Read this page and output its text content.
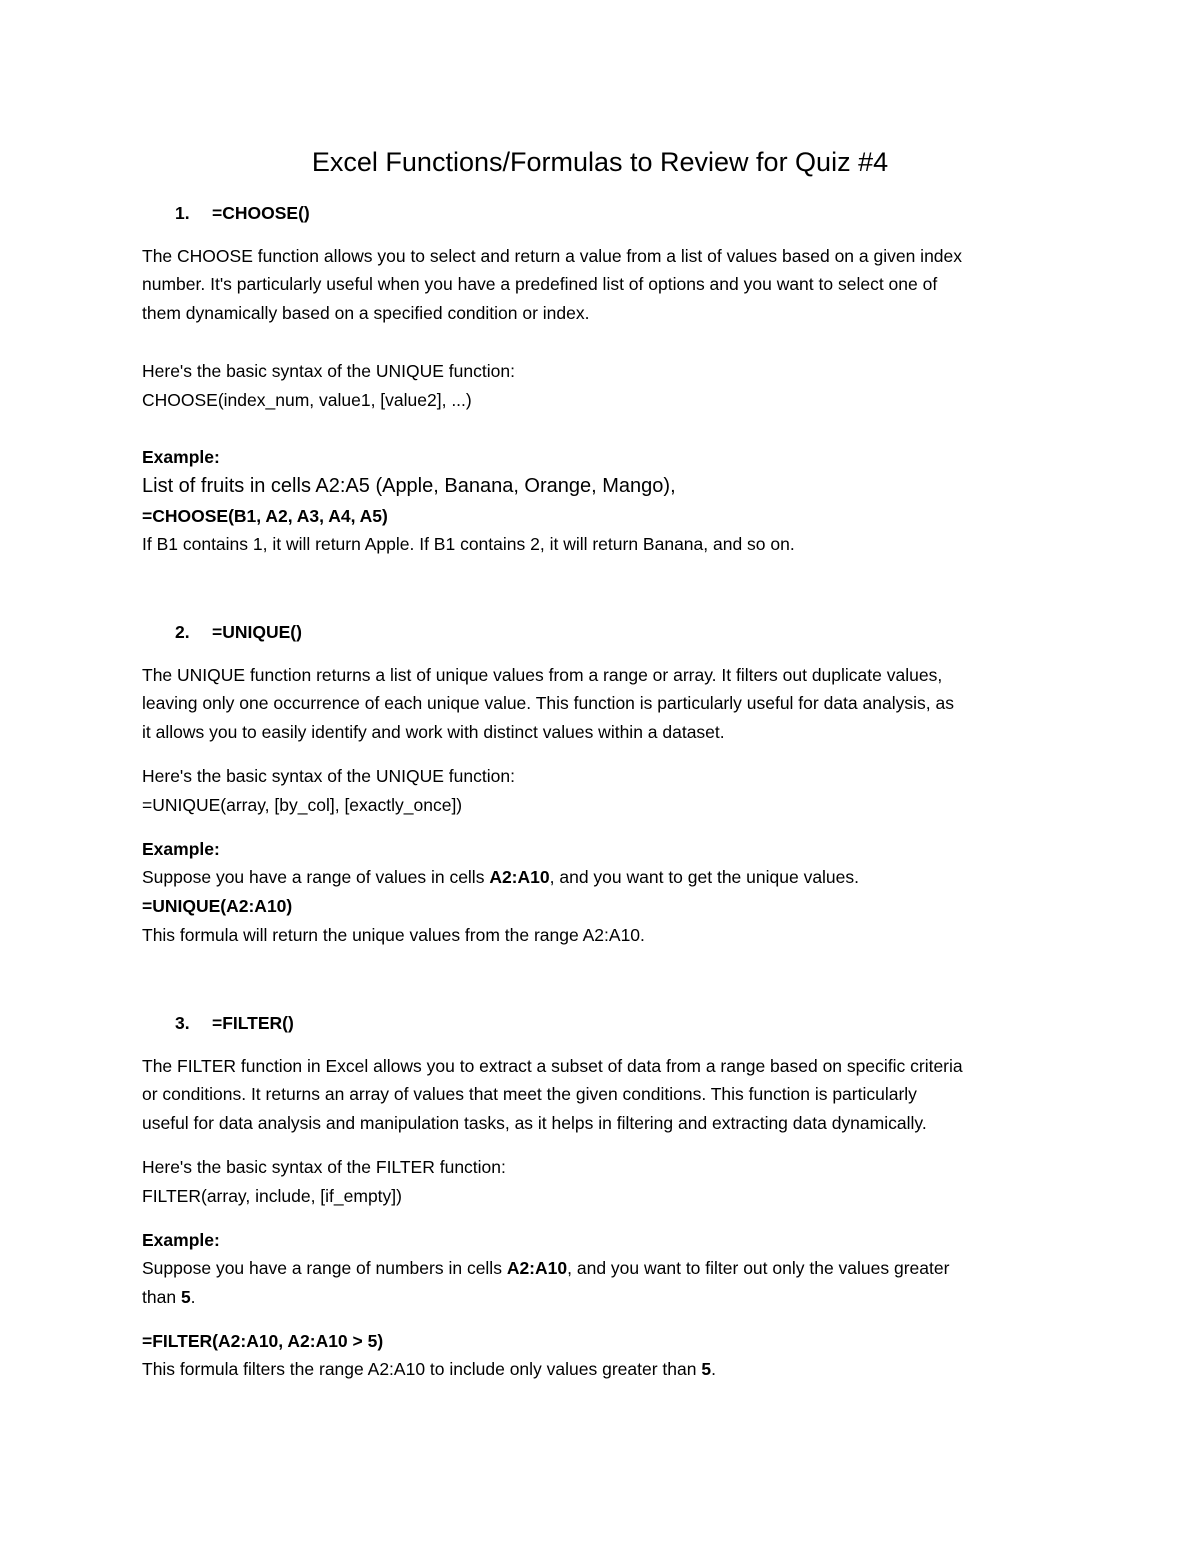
Excel Functions/Formulas to Review for Quiz #4
1. =CHOOSE()
The CHOOSE function allows you to select and return a value from a list of values based on a given index
number. It's particularly useful when you have a predefined list of options and you want to select one of
them dynamically based on a specified condition or index.
Here's the basic syntax of the UNIQUE function:
CHOOSE(index_num, value1, [value2], ...)
Example:
List of fruits in cells A2:A5 (Apple, Banana, Orange, Mango),
=CHOOSE(B1, A2, A3, A4, A5)
If B1 contains 1, it will return Apple. If B1 contains 2, it will return Banana, and so on.
2. =UNIQUE()
The UNIQUE function returns a list of unique values from a range or array. It filters out duplicate values,
leaving only one occurrence of each unique value. This function is particularly useful for data analysis, as
it allows you to easily identify and work with distinct values within a dataset.
Here's the basic syntax of the UNIQUE function:
=UNIQUE(array, [by_col], [exactly_once])
Example:
Suppose you have a range of values in cells A2:A10, and you want to get the unique values.
=UNIQUE(A2:A10)
This formula will return the unique values from the range A2:A10.
3. =FILTER()
The FILTER function in Excel allows you to extract a subset of data from a range based on specific criteria
or conditions. It returns an array of values that meet the given conditions. This function is particularly
useful for data analysis and manipulation tasks, as it helps in filtering and extracting data dynamically.
Here's the basic syntax of the FILTER function:
FILTER(array, include, [if_empty])
Example:
Suppose you have a range of numbers in cells A2:A10, and you want to filter out only the values greater
than 5.
=FILTER(A2:A10, A2:A10 > 5)
This formula filters the range A2:A10 to include only values greater than 5.
